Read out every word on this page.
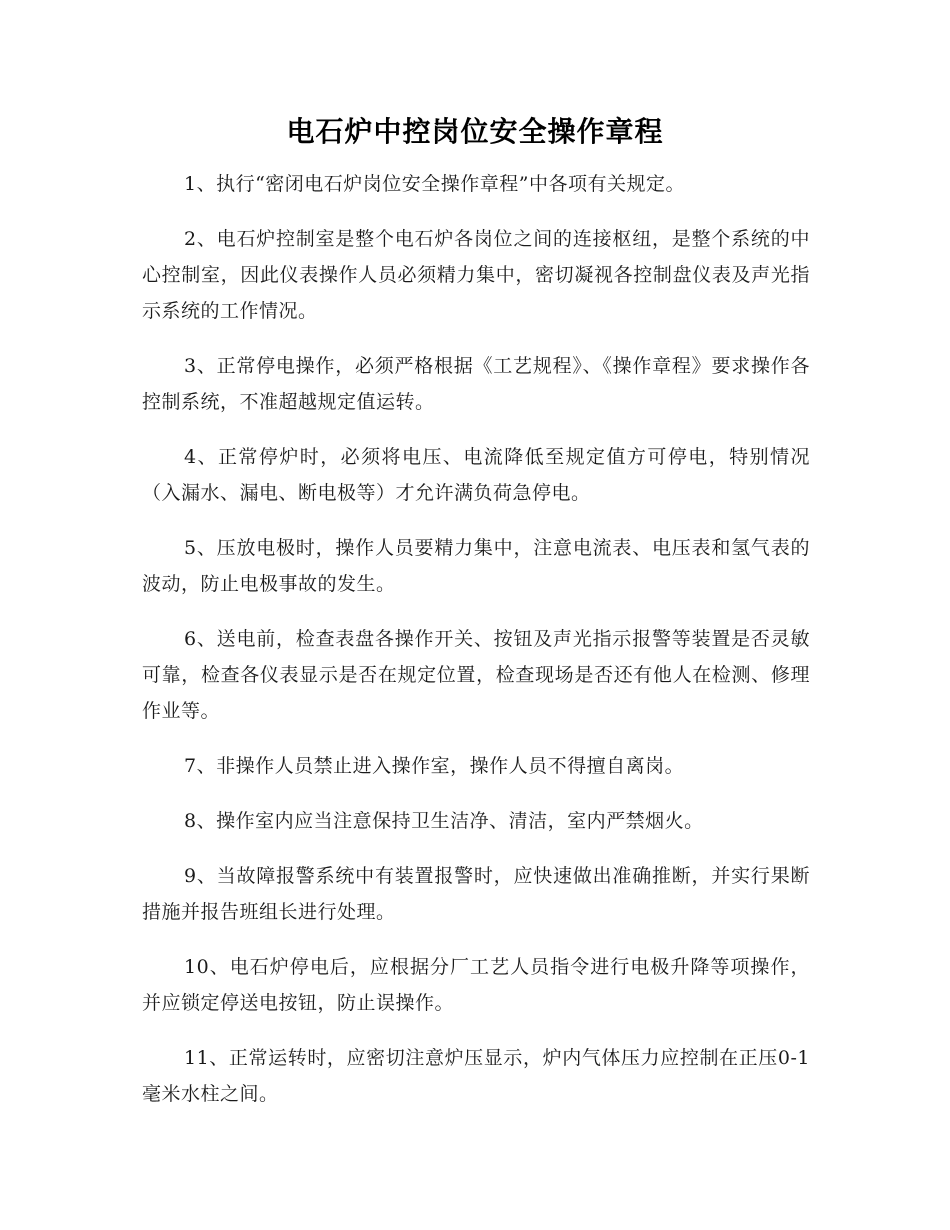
电石炉中控岗位安全操作章程

1、执行“密闭电石炉岗位安全操作章程”中各项有关规定。

2、电石炉控制室是整个电石炉各岗位之间的连接枢纽，是整个系统的中心控制室，因此仪表操作人员必须精力集中，密切凝视各控制盘仪表及声光指示系统的工作情况。

3、正常停电操作，必须严格根据《工艺规程》、《操作章程》要求操作各控制系统，不准超越规定值运转。

4、正常停炉时，必须将电压、电流降低至规定值方可停电，特别情况（入漏水、漏电、断电极等）才允许满负荷急停电。

5、压放电极时，操作人员要精力集中，注意电流表、电压表和氢气表的波动，防止电极事故的发生。

6、送电前，检查表盘各操作开关、按钮及声光指示报警等装置是否灵敏可靠，检查各仪表显示是否在规定位置，检查现场是否还有他人在检测、修理作业等。

7、非操作人员禁止进入操作室，操作人员不得擅自离岗。

8、操作室内应当注意保持卫生洁净、清洁，室内严禁烟火。

9、当故障报警系统中有装置报警时，应快速做出准确推断，并实行果断措施并报告班组长进行处理。

10、电石炉停电后，应根据分厂工艺人员指令进行电极升降等项操作，并应锁定停送电按钮，防止误操作。

11、正常运转时，应密切注意炉压显示，炉内气体压力应控制在正压0-1毫米水柱之间。
